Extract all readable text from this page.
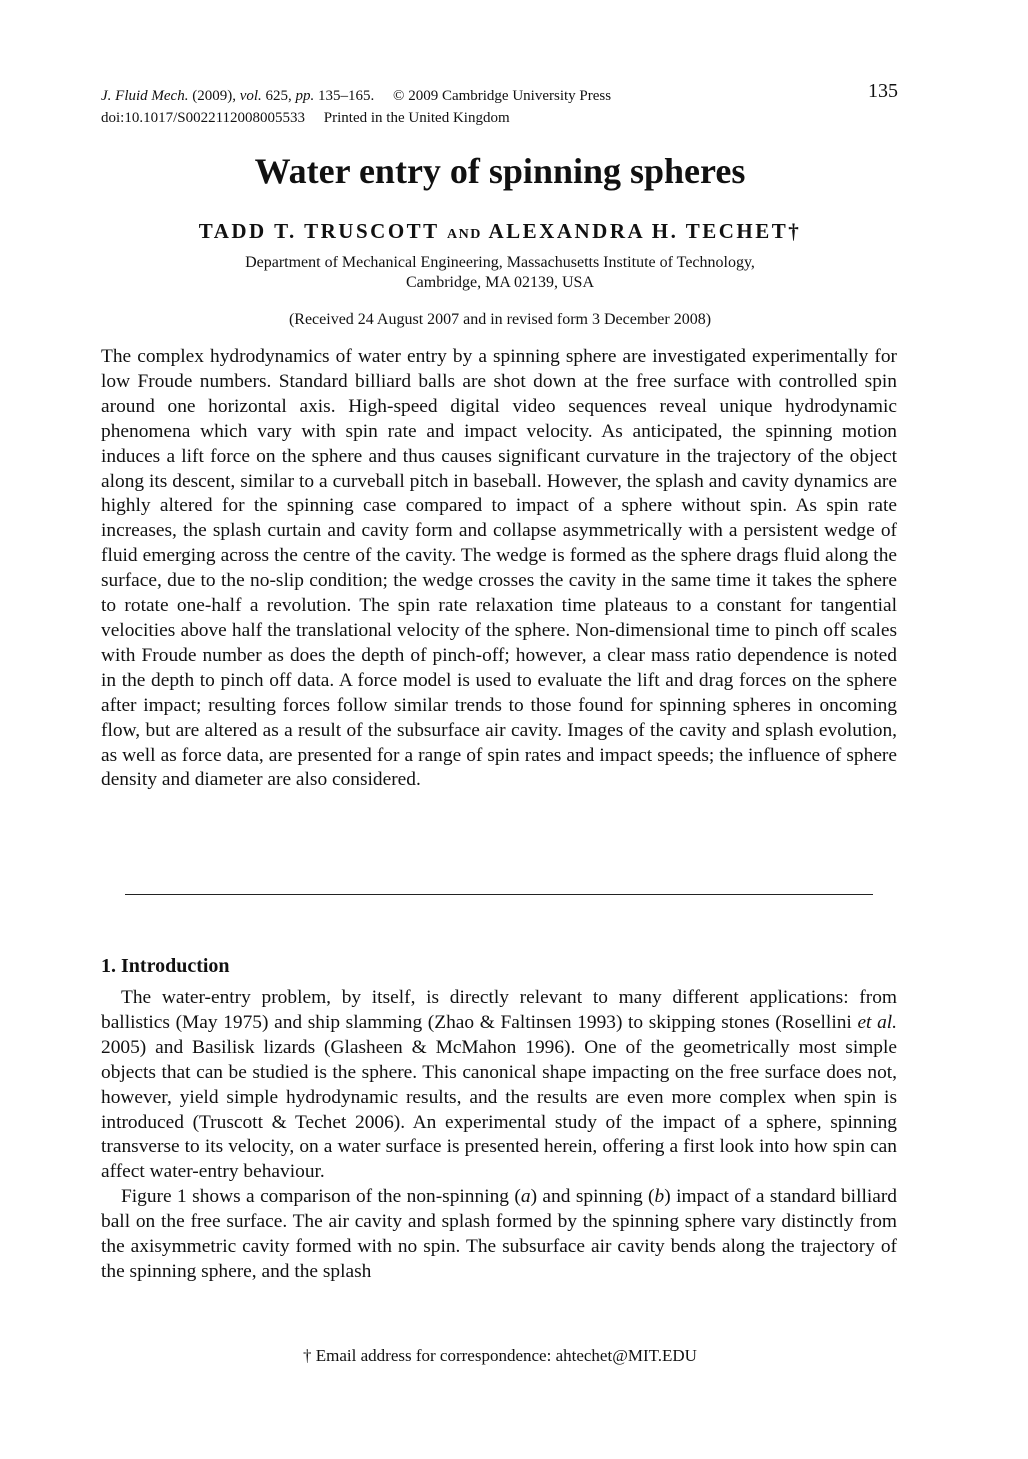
J. Fluid Mech. (2009), vol. 625, pp. 135–165. © 2009 Cambridge University Press
doi:10.1017/S0022112008005533 Printed in the United Kingdom
135
Water entry of spinning spheres
TADD T. TRUSCOTT AND ALEXANDRA H. TECHET†
Department of Mechanical Engineering, Massachusetts Institute of Technology,
Cambridge, MA 02139, USA
(Received 24 August 2007 and in revised form 3 December 2008)
The complex hydrodynamics of water entry by a spinning sphere are investigated experimentally for low Froude numbers. Standard billiard balls are shot down at the free surface with controlled spin around one horizontal axis. High-speed digital video sequences reveal unique hydrodynamic phenomena which vary with spin rate and impact velocity. As anticipated, the spinning motion induces a lift force on the sphere and thus causes significant curvature in the trajectory of the object along its descent, similar to a curveball pitch in baseball. However, the splash and cavity dynamics are highly altered for the spinning case compared to impact of a sphere without spin. As spin rate increases, the splash curtain and cavity form and collapse asymmetrically with a persistent wedge of fluid emerging across the centre of the cavity. The wedge is formed as the sphere drags fluid along the surface, due to the no-slip condition; the wedge crosses the cavity in the same time it takes the sphere to rotate one-half a revolution. The spin rate relaxation time plateaus to a constant for tangential velocities above half the translational velocity of the sphere. Non-dimensional time to pinch off scales with Froude number as does the depth of pinch-off; however, a clear mass ratio dependence is noted in the depth to pinch off data. A force model is used to evaluate the lift and drag forces on the sphere after impact; resulting forces follow similar trends to those found for spinning spheres in oncoming flow, but are altered as a result of the subsurface air cavity. Images of the cavity and splash evolution, as well as force data, are presented for a range of spin rates and impact speeds; the influence of sphere density and diameter are also considered.
1. Introduction

The water-entry problem, by itself, is directly relevant to many different applications: from ballistics (May 1975) and ship slamming (Zhao & Faltinsen 1993) to skipping stones (Rosellini et al. 2005) and Basilisk lizards (Glasheen & McMahon 1996). One of the geometrically most simple objects that can be studied is the sphere. This canonical shape impacting on the free surface does not, however, yield simple hydrodynamic results, and the results are even more complex when spin is introduced (Truscott & Techet 2006). An experimental study of the impact of a sphere, spinning transverse to its velocity, on a water surface is presented herein, offering a first look into how spin can affect water-entry behaviour.

Figure 1 shows a comparison of the non-spinning (a) and spinning (b) impact of a standard billiard ball on the free surface. The air cavity and splash formed by the spinning sphere vary distinctly from the axisymmetric cavity formed with no spin. The subsurface air cavity bends along the trajectory of the spinning sphere, and the splash

† Email address for correspondence: ahtechet@MIT.EDU
